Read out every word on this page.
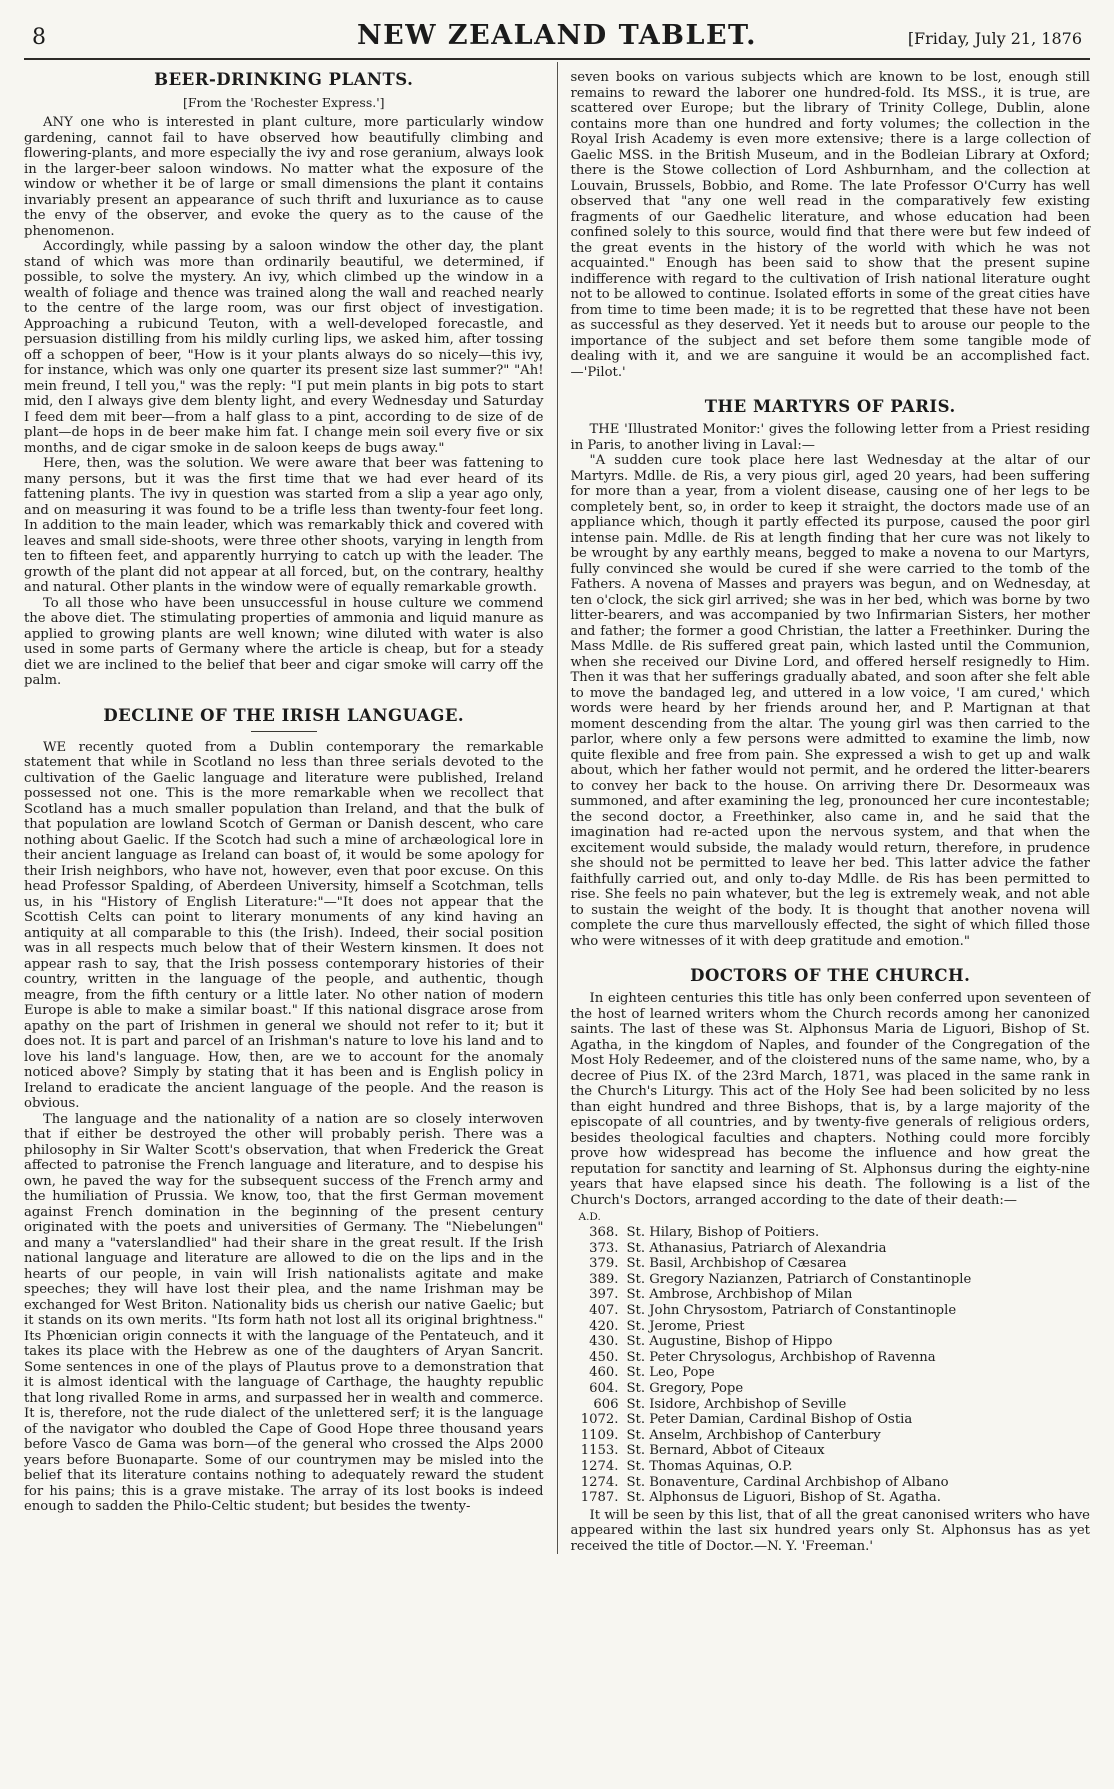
8	NEW ZEALAND TABLET.	[Friday, July 21, 1876
BEER-DRINKING PLANTS.

[From the 'Rochester Express.']

ANY one who is interested in plant culture, more particularly window gardening, cannot fail to have observed how beautifully climbing and flowering-plants, and more especially the ivy and rose geranium, always look in the larger-beer saloon windows. No matter what the exposure of the window or whether it be of large or small dimensions the plant it contains invariably present an appearance of such thrift and luxuriance as to cause the envy of the observer, and evoke the query as to the cause of the phenomenon.

Accordingly, while passing by a saloon window the other day, the plant stand of which was more than ordinarily beautiful, we determined, if possible, to solve the mystery. An ivy, which climbed up the window in a wealth of foliage and thence was trained along the wall and reached nearly to the centre of the large room, was our first object of investigation. Approaching a rubicund Teuton, with a well-developed forecastle, and persuasion distilling from his mildly curling lips, we asked him, after tossing off a schoppen of beer, "How is it your plants always do so nicely—this ivy, for instance, which was only one quarter its present size last summer?" "Ah! mein freund, I tell you," was the reply: "I put mein plants in big pots to start mid, den I always give dem blenty light, and every Wednesday und Saturday I feed dem mit beer—from a half glass to a pint, according to de size of de plant—de hops in de beer make him fat. I change mein soil every five or six months, and de cigar smoke in de saloon keeps de bugs away."

Here, then, was the solution. We were aware that beer was fattening to many persons, but it was the first time that we had ever heard of its fattening plants. The ivy in question was started from a slip a year ago only, and on measuring it was found to be a trifle less than twenty-four feet long. In addition to the main leader, which was remarkably thick and covered with leaves and small side-shoots, were three other shoots, varying in length from ten to fifteen feet, and apparently hurrying to catch up with the leader. The growth of the plant did not appear at all forced, but, on the contrary, healthy and natural. Other plants in the window were of equally remarkable growth.

To all those who have been unsuccessful in house culture we commend the above diet. The stimulating properties of ammonia and liquid manure as applied to growing plants are well known; wine diluted with water is also used in some parts of Germany where the article is cheap, but for a steady diet we are inclined to the belief that beer and cigar smoke will carry off the palm.

DECLINE OF THE IRISH LANGUAGE.

WE recently quoted from a Dublin contemporary the remarkable statement that while in Scotland no less than three serials devoted to the cultivation of the Gaelic language and literature were published, Ireland possessed not one. This is the more remarkable when we recollect that Scotland has a much smaller population than Ireland, and that the bulk of that population are lowland Scotch of German or Danish descent, who care nothing about Gaelic. If the Scotch had such a mine of archæological lore in their ancient language as Ireland can boast of, it would be some apology for their Irish neighbors, who have not, however, even that poor excuse. On this head Professor Spalding, of Aberdeen University, himself a Scotchman, tells us, in his "History of English Literature:"—"It does not appear that the Scottish Celts can point to literary monuments of any kind having an antiquity at all comparable to this (the Irish). Indeed, their social position was in all respects much below that of their Western kinsmen. It does not appear rash to say, that the Irish possess contemporary histories of their country, written in the language of the people, and authentic, though meagre, from the fifth century or a little later. No other nation of modern Europe is able to make a similar boast." If this national disgrace arose from apathy on the part of Irishmen in general we should not refer to it; but it does not. It is part and parcel of an Irishman's nature to love his land and to love his land's language. How, then, are we to account for the anomaly noticed above? Simply by stating that it has been and is English policy in Ireland to eradicate the ancient language of the people. And the reason is obvious.

The language and the nationality of a nation are so closely interwoven that if either be destroyed the other will probably perish. There was a philosophy in Sir Walter Scott's observation, that when Frederick the Great affected to patronise the French language and literature, and to despise his own, he paved the way for the subsequent success of the French army and the humiliation of Prussia. We know, too, that the first German movement against French domination in the beginning of the present century originated with the poets and universities of Germany. The "Niebelungen" and many a "vaterslandlied" had their share in the great result. If the Irish national language and literature are allowed to die on the lips and in the hearts of our people, in vain will Irish nationalists agitate and make speeches; they will have lost their plea, and the name Irishman may be exchanged for West Briton. Nationality bids us cherish our native Gaelic; but it stands on its own merits. "Its form hath not lost all its original brightness." Its Phœnician origin connects it with the language of the Pentateuch, and it takes its place with the Hebrew as one of the daughters of Aryan Sancrit. Some sentences in one of the plays of Plautus prove to a demonstration that it is almost identical with the language of Carthage, the haughty republic that long rivalled Rome in arms, and surpassed her in wealth and commerce. It is, therefore, not the rude dialect of the unlettered serf; it is the language of the navigator who doubled the Cape of Good Hope three thousand years before Vasco de Gama was born—of the general who crossed the Alps 2000 years before Buonaparte. Some of our countrymen may be misled into the belief that its literature contains nothing to adequately reward the student for his pains; this is a grave mistake. The array of its lost books is indeed enough to sadden the Philo-Celtic student; but besides the twenty-

seven books on various subjects which are known to be lost, enough still remains to reward the laborer one hundred-fold. Its MSS., it is true, are scattered over Europe; but the library of Trinity College, Dublin, alone contains more than one hundred and forty volumes; the collection in the Royal Irish Academy is even more extensive; there is a large collection of Gaelic MSS. in the British Museum, and in the Bodleian Library at Oxford; there is the Stowe collection of Lord Ashburnham, and the collection at Louvain, Brussels, Bobbio, and Rome. The late Professor O'Curry has well observed that "any one well read in the comparatively few existing fragments of our Gaedhelic literature, and whose education had been confined solely to this source, would find that there were but few indeed of the great events in the history of the world with which he was not acquainted." Enough has been said to show that the present supine indifference with regard to the cultivation of Irish national literature ought not to be allowed to continue. Isolated efforts in some of the great cities have from time to time been made; it is to be regretted that these have not been as successful as they deserved. Yet it needs but to arouse our people to the importance of the subject and set before them some tangible mode of dealing with it, and we are sanguine it would be an accomplished fact.—'Pilot.'

THE MARTYRS OF PARIS.

THE 'Illustrated Monitor:' gives the following letter from a Priest residing in Paris, to another living in Laval:—

"A sudden cure took place here last Wednesday at the altar of our Martyrs. Mdlle. de Ris, a very pious girl, aged 20 years, had been suffering for more than a year, from a violent disease, causing one of her legs to be completely bent, so, in order to keep it straight, the doctors made use of an appliance which, though it partly effected its purpose, caused the poor girl intense pain. Mdlle. de Ris at length finding that her cure was not likely to be wrought by any earthly means, begged to make a novena to our Martyrs, fully convinced she would be cured if she were carried to the tomb of the Fathers. A novena of Masses and prayers was begun, and on Wednesday, at ten o'clock, the sick girl arrived; she was in her bed, which was borne by two litter-bearers, and was accompanied by two Infirmarian Sisters, her mother and father; the former a good Christian, the latter a Freethinker. During the Mass Mdlle. de Ris suffered great pain, which lasted until the Communion, when she received our Divine Lord, and offered herself resignedly to Him. Then it was that her sufferings gradually abated, and soon after she felt able to move the bandaged leg, and uttered in a low voice, 'I am cured,' which words were heard by her friends around her, and P. Martignan at that moment descending from the altar. The young girl was then carried to the parlor, where only a few persons were admitted to examine the limb, now quite flexible and free from pain. She expressed a wish to get up and walk about, which her father would not permit, and he ordered the litter-bearers to convey her back to the house. On arriving there Dr. Desormeaux was summoned, and after examining the leg, pronounced her cure incontestable; the second doctor, a Freethinker, also came in, and he said that the imagination had re-acted upon the nervous system, and that when the excitement would subside, the malady would return, therefore, in prudence she should not be permitted to leave her bed. This latter advice the father faithfully carried out, and only to-day Mdlle. de Ris has been permitted to rise. She feels no pain whatever, but the leg is extremely weak, and not able to sustain the weight of the body. It is thought that another novena will complete the cure thus marvellously effected, the sight of which filled those who were witnesses of it with deep gratitude and emotion."

DOCTORS OF THE CHURCH.

In eighteen centuries this title has only been conferred upon seventeen of the host of learned writers whom the Church records among her canonized saints. The last of these was St. Alphonsus Maria de Liguori, Bishop of St. Agatha, in the kingdom of Naples, and founder of the Congregation of the Most Holy Redeemer, and of the cloistered nuns of the same name, who, by a decree of Pius IX. of the 23rd March, 1871, was placed in the same rank in the Church's Liturgy. This act of the Holy See had been solicited by no less than eight hundred and three Bishops, that is, by a large majority of the episcopate of all countries, and by twenty-five generals of religious orders, besides theological faculties and chapters. Nothing could more forcibly prove how widespread has become the influence and how great the reputation for sanctity and learning of St. Alphonsus during the eighty-nine years that have elapsed since his death. The following is a list of the Church's Doctors, arranged according to the date of their death:—

A.D.
368. St. Hilary, Bishop of Poitiers.
373. St. Athanasius, Patriarch of Alexandria
379. St. Basil, Archbishop of Cæsarea
389. St. Gregory Nazianzen, Patriarch of Constantinople
397. St. Ambrose, Archbishop of Milan
407. St. John Chrysostom, Patriarch of Constantinople
420. St. Jerome, Priest
430. St. Augustine, Bishop of Hippo
450. St. Peter Chrysologus, Archbishop of Ravenna
460. St. Leo, Pope
604. St. Gregory, Pope
606 St. Isidore, Archbishop of Seville
1072. St. Peter Damian, Cardinal Bishop of Ostia
1109. St. Anselm, Archbishop of Canterbury
1153. St. Bernard, Abbot of Citeaux
1274. St. Thomas Aquinas, O.P.
1274. St. Bonaventure, Cardinal Archbishop of Albano
1787. St. Alphonsus de Liguori, Bishop of St. Agatha.

It will be seen by this list, that of all the great canonised writers who have appeared within the last six hundred years only St. Alphonsus has as yet received the title of Doctor.—N. Y. 'Freeman.'
